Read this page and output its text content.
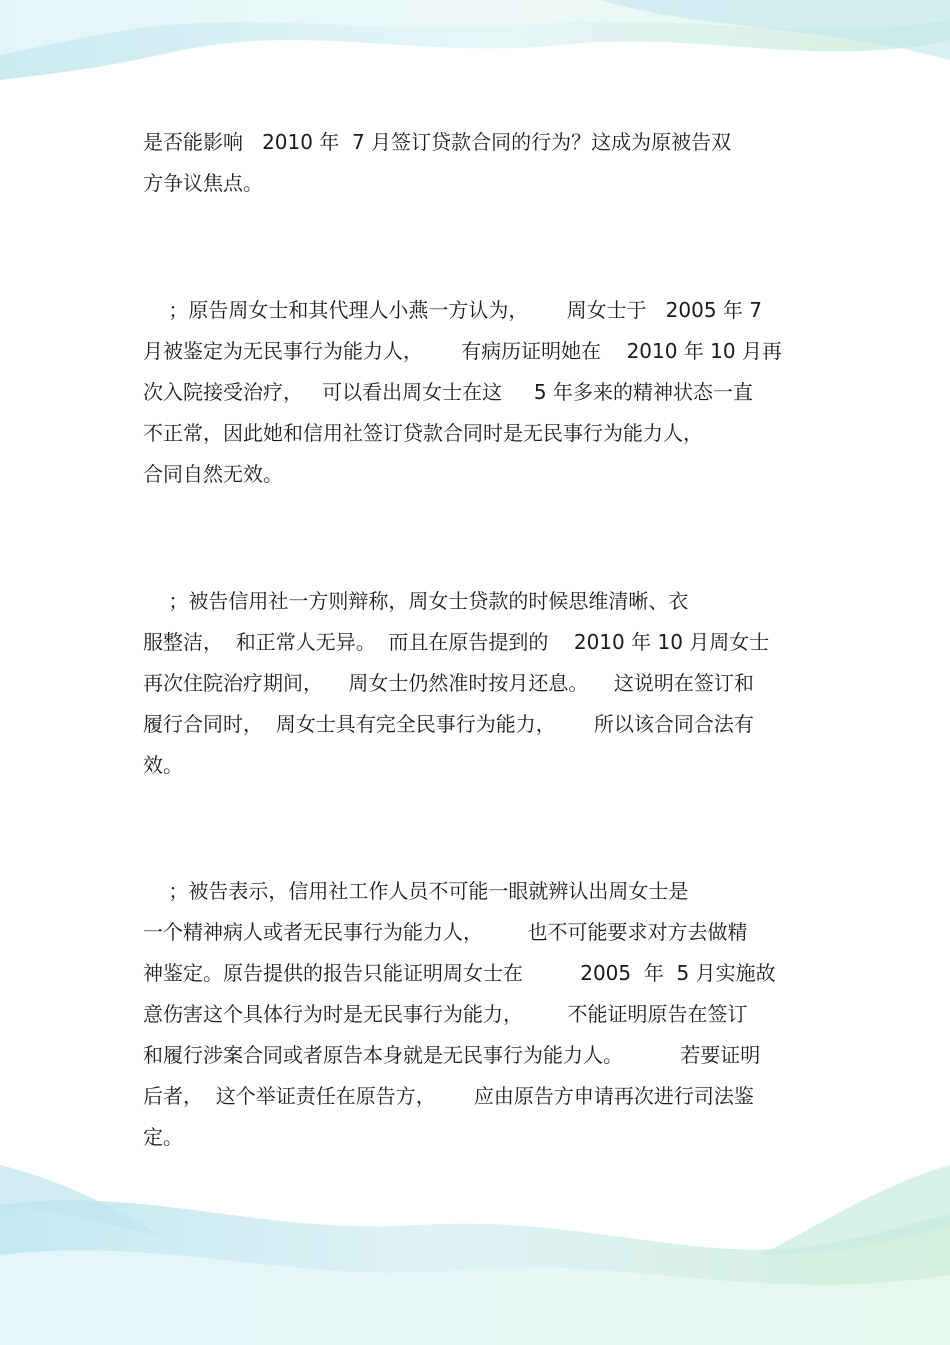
是否能影响   2010 年  7 月签订贷款合同的行为？这成为原被告双
方争议焦点。
；原告周女士和其代理人小燕一方认为，      周女士于   2005 年 7
月被鉴定为无民事行为能力人，      有病历证明她在    2010 年 10 月再
次入院接受治疗，   可以看出周女士在这     5 年多来的精神状态一直
不正常，因此她和信用社签订贷款合同时是无民事行为能力人，
合同自然无效。
；被告信用社一方则辩称，周女士贷款的时候思维清晰、衣
服整洁，  和正常人无异。  而且在原告提到的    2010 年 10 月周女士
再次住院治疗期间，    周女士仍然准时按月还息。    这说明在签订和
履行合同时，  周女士具有完全民事行为能力，      所以该合同合法有
效。
；被告表示，信用社工作人员不可能一眼就辨认出周女士是
一个精神病人或者无民事行为能力人，       也不可能要求对方去做精
神鉴定。原告提供的报告只能证明周女士在         2005  年  5 月实施故
意伤害这个具体行为时是无民事行为能力，       不能证明原告在签订
和履行涉案合同或者原告本身就是无民事行为能力人。         若要证明
后者，  这个举证责任在原告方，      应由原告方申请再次进行司法鉴
定。
